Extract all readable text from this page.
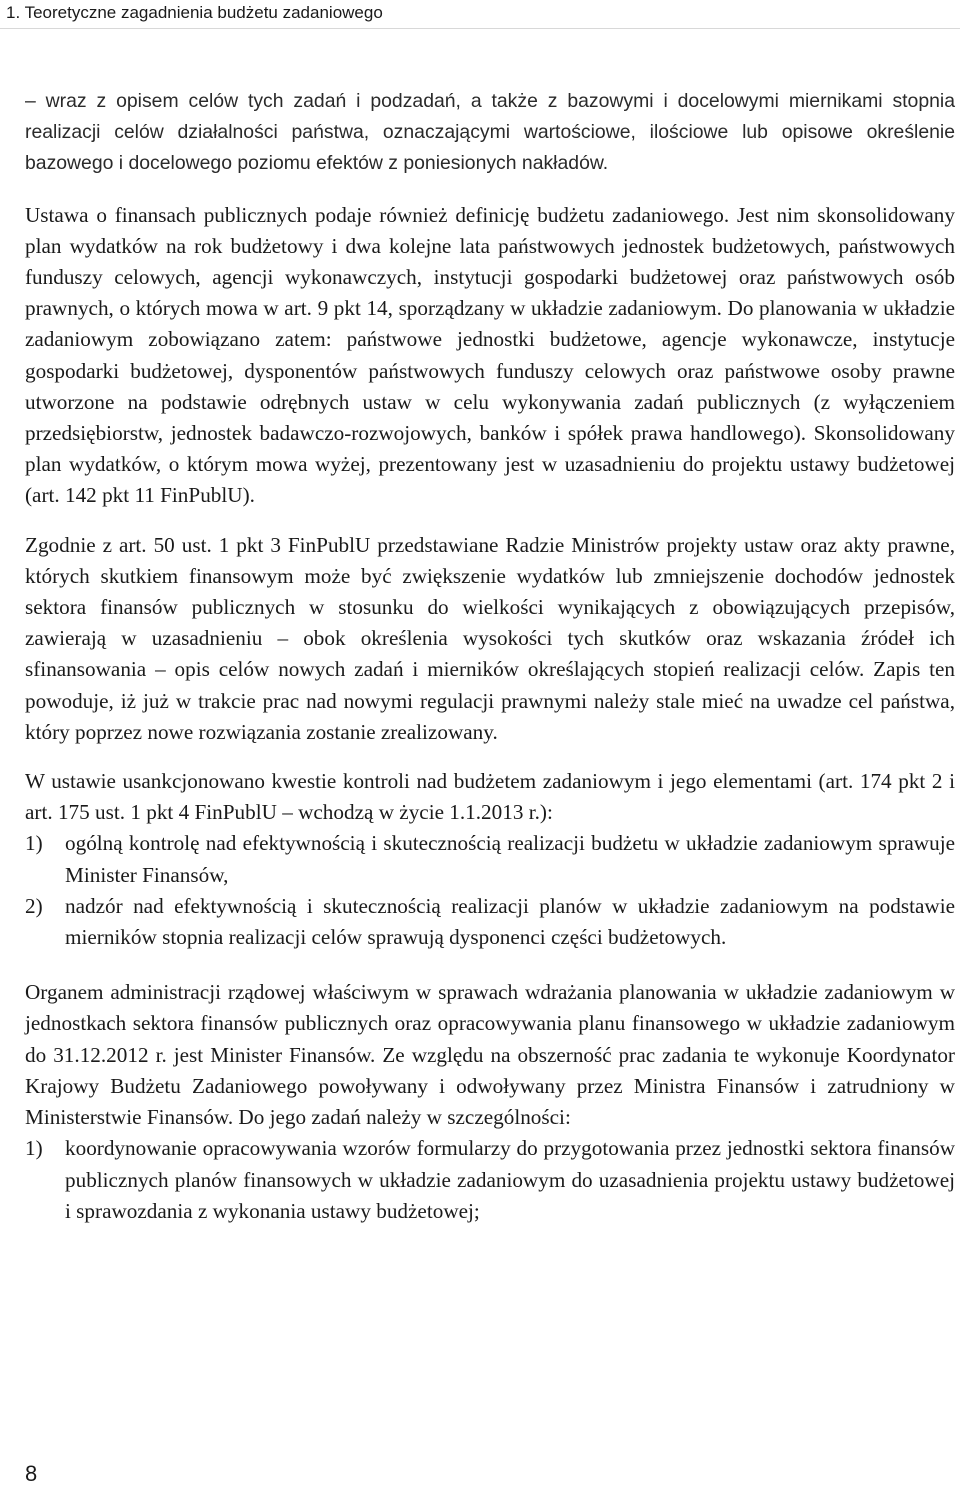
1. Teoretyczne zagadnienia budżetu zadaniowego

– wraz z opisem celów tych zadań i podzadań, a także z bazowymi i docelowymi miernikami stopnia realizacji celów działalności państwa, oznaczającymi wartościowe, ilościowe lub opisowe określenie bazowego i docelowego poziomu efektów z poniesionych nakładów.

Ustawa o finansach publicznych podaje również definicję budżetu zadaniowego. Jest nim skonsolidowany plan wydatków na rok budżetowy i dwa kolejne lata państwowych jednostek budżetowych, państwowych funduszy celowych, agencji wykonawczych, instytucji gospodarki budżetowej oraz państwowych osób prawnych, o których mowa w art. 9 pkt 14, sporządzany w układzie zadaniowym. Do planowania w układzie zadaniowym zobowiązano zatem: państwowe jednostki budżetowe, agencje wykonawcze, instytucje gospodarki budżetowej, dysponentów państwowych funduszy celowych oraz państwowe osoby prawne utworzone na podstawie odrębnych ustaw w celu wykonywania zadań publicznych (z wyłączeniem przedsiębiorstw, jednostek badawczo-rozwojowych, banków i spółek prawa handlowego). Skonsolidowany plan wydatków, o którym mowa wyżej, prezentowany jest w uzasadnieniu do projektu ustawy budżetowej (art. 142 pkt 11 FinPublU).

Zgodnie z art. 50 ust. 1 pkt 3 FinPublU przedstawiane Radzie Ministrów projekty ustaw oraz akty prawne, których skutkiem finansowym może być zwiększenie wydatków lub zmniejszenie dochodów jednostek sektora finansów publicznych w stosunku do wielkości wynikających z obowiązujących przepisów, zawierają w uzasadnieniu – obok określenia wysokości tych skutków oraz wskazania źródeł ich sfinansowania – opis celów nowych zadań i mierników określających stopień realizacji celów. Zapis ten powoduje, iż już w trakcie prac nad nowymi regulacji prawnymi należy stale mieć na uwadze cel państwa, który poprzez nowe rozwiązania zostanie zrealizowany.

W ustawie usankcjonowano kwestie kontroli nad budżetem zadaniowym i jego elementami (art. 174 pkt 2 i art. 175 ust. 1 pkt 4 FinPublU – wchodzą w życie 1.1.2013 r.):

1) ogólną kontrolę nad efektywnością i skutecznością realizacji budżetu w układzie zadaniowym sprawuje Minister Finansów,
2) nadzór nad efektywnością i skutecznością realizacji planów w układzie zadaniowym na podstawie mierników stopnia realizacji celów sprawują dysponenci części budżetowych.

Organem administracji rządowej właściwym w sprawach wdrażania planowania w układzie zadaniowym w jednostkach sektora finansów publicznych oraz opracowywania planu finansowego w układzie zadaniowym do 31.12.2012 r. jest Minister Finansów. Ze względu na obszerność prac zadania te wykonuje Koordynator Krajowy Budżetu Zadaniowego powoływany i odwoływany przez Ministra Finansów i zatrudniony w Ministerstwie Finansów. Do jego zadań należy w szczególności:

1) koordynowanie opracowywania wzorów formularzy do przygotowania przez jednostki sektora finansów publicznych planów finansowych w układzie zadaniowym do uzasadnienia projektu ustawy budżetowej i sprawozdania z wykonania ustawy budżetowej;
8
